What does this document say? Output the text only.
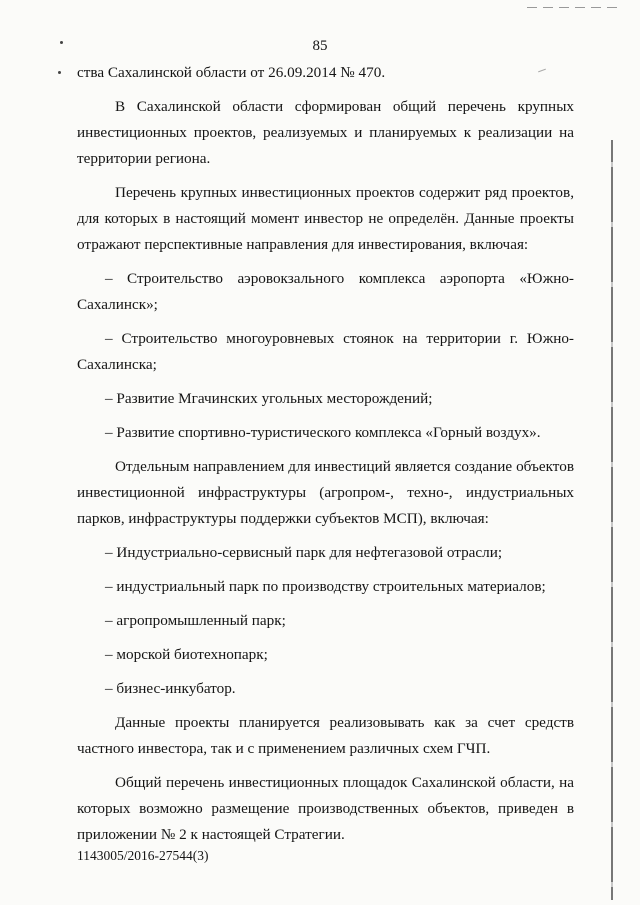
85

ства Сахалинской области от 26.09.2014 № 470.

В Сахалинской области сформирован общий перечень крупных инвестиционных проектов, реализуемых и планируемых к реализации на территории региона.

Перечень крупных инвестиционных проектов содержит ряд проектов, для которых в настоящий момент инвестор не определён. Данные проекты отражают перспективные направления для инвестирования, включая:

– Строительство аэровокзального комплекса аэропорта «Южно-Сахалинск»;

– Строительство многоуровневых стоянок на территории г. Южно-Сахалинска;

– Развитие Мгачинских угольных месторождений;

– Развитие спортивно-туристического комплекса «Горный воздух».

Отдельным направлением для инвестиций является создание объектов инвестиционной инфраструктуры (агропром-, техно-, индустриальных парков, инфраструктуры поддержки субъектов МСП), включая:

– Индустриально-сервисный парк для нефтегазовой отрасли;

– индустриальный парк по производству строительных материалов;

– агропромышленный парк;

– морской биотехнопарк;

– бизнес-инкубатор.

Данные проекты планируется реализовывать как за счет средств частного инвестора, так и с применением различных схем ГЧП.

Общий перечень инвестиционных площадок Сахалинской области, на которых возможно размещение производственных объектов, приведен в приложении № 2 к настоящей Стратегии.

1143005/2016-27544(3)
